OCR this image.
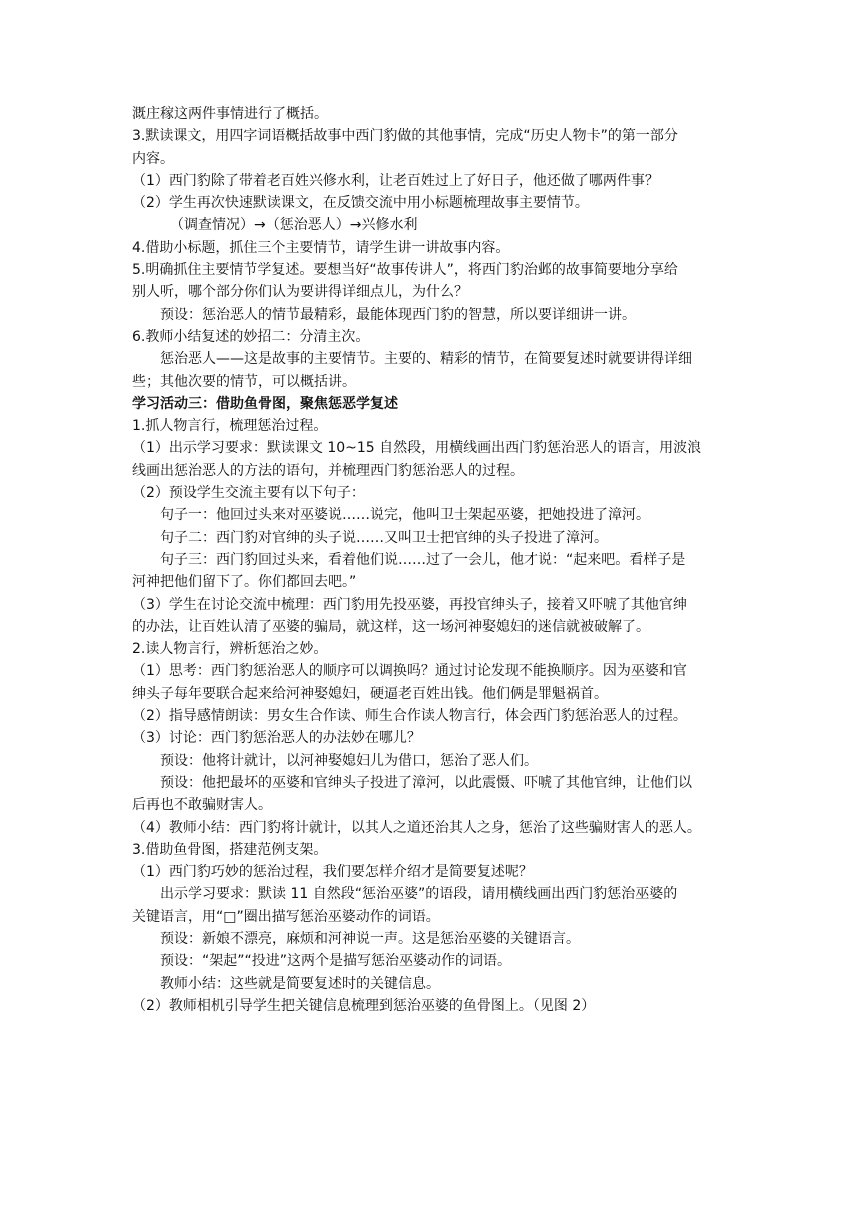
溉庄稼这两件事情进行了概括。
3.默读课文，用四字词语概括故事中西门豹做的其他事情，完成“历史人物卡”的第一部分
内容。
（1）西门豹除了带着老百姓兴修水利，让老百姓过上了好日子，他还做了哪两件事？
（2）学生再次快速默读课文，在反馈交流中用小标题梳理故事主要情节。
（调查情况）→（惩治恶人）→兴修水利
4.借助小标题，抓住三个主要情节，请学生讲一讲故事内容。
5.明确抓住主要情节学复述。要想当好“故事传讲人”，将西门豹治邺的故事简要地分享给
别人听，哪个部分你们认为要讲得详细点儿，为什么？
预设：惩治恶人的情节最精彩，最能体现西门豹的智慧，所以要详细讲一讲。
6.教师小结复述的妙招二：分清主次。
惩治恶人——这是故事的主要情节。主要的、精彩的情节，在简要复述时就要讲得详细
些；其他次要的情节，可以概括讲。
学习活动三：借助鱼骨图，聚焦惩恶学复述
1.抓人物言行，梳理惩治过程。
（1）出示学习要求：默读课文 10~15 自然段，用横线画出西门豹惩治恶人的语言，用波浪
线画出惩治恶人的方法的语句，并梳理西门豹惩治恶人的过程。
（2）预设学生交流主要有以下句子：
句子一：他回过头来对巫婆说……说完，他叫卫士架起巫婆，把她投进了漳河。
句子二：西门豹对官绅的头子说……又叫卫士把官绅的头子投进了漳河。
句子三：西门豹回过头来，看着他们说……过了一会儿，他才说：“起来吧。看样子是
河神把他们留下了。你们都回去吧。”
（3）学生在讨论交流中梳理：西门豹用先投巫婆，再投官绅头子，接着又吓唬了其他官绅
的办法，让百姓认清了巫婆的骗局，就这样，这一场河神娶媳妇的迷信就被破解了。
2.读人物言行，辨析惩治之妙。
（1）思考：西门豹惩治恶人的顺序可以调换吗？通过讨论发现不能换顺序。因为巫婆和官
绅头子每年要联合起来给河神娶媳妇，硬逼老百姓出钱。他们俩是罪魁祸首。
（2）指导感情朗读：男女生合作读、师生合作读人物言行，体会西门豹惩治恶人的过程。
（3）讨论：西门豹惩治恶人的办法妙在哪儿？
预设：他将计就计，以河神娶媳妇儿为借口，惩治了恶人们。
预设：他把最坏的巫婆和官绅头子投进了漳河，以此震慑、吓唬了其他官绅，让他们以
后再也不敢骗财害人。
（4）教师小结：西门豹将计就计，以其人之道还治其人之身，惩治了这些骗财害人的恶人。
3.借助鱼骨图，搭建范例支架。
（1）西门豹巧妙的惩治过程，我们要怎样介绍才是简要复述呢？
出示学习要求：默读 11 自然段“惩治巫婆”的语段，请用横线画出西门豹惩治巫婆的
关键语言，用“□”圈出描写惩治巫婆动作的词语。
预设：新娘不漂亮，麻烦和河神说一声。这是惩治巫婆的关键语言。
预设：“架起”“投进”这两个是描写惩治巫婆动作的词语。
教师小结：这些就是简要复述时的关键信息。
（2）教师相机引导学生把关键信息梳理到惩治巫婆的鱼骨图上。（见图 2）
